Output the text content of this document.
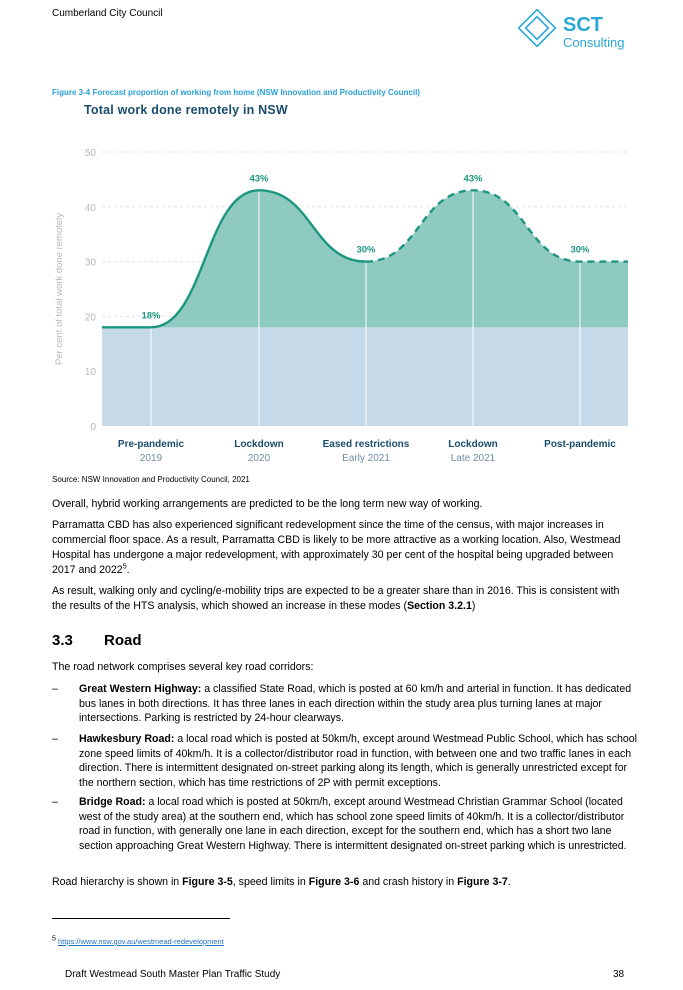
Cumberland City Council
SCT
Consulting
Figure 3-4 Forecast proportion of working from home (NSW Innovation and Productivity Council)
Total work done remotely in NSW
0
10
20
30
40
50
Per cent of total work done remotely	18%
43%
30%
43%
30%
Pre-pandemic
2019
Lockdown
2020
Eased restrictions
Early 2021
Lockdown
Late 2021
Post-pandemic
Source: NSW Innovation and Productivity Council, 2021
Overall, hybrid working arrangements are predicted to be the long term new way of working.
Parramatta CBD has also experienced significant redevelopment since the time of the census, with major increases in commercial floor space. As a result, Parramatta CBD is likely to be more attractive as a working location. Also, Westmead Hospital has undergone a major redevelopment, with approximately 30 per cent of the hospital being upgraded between 2017 and 2022$^5$.
As result, walking only and cycling/e-mobility trips are expected to be a greater share than in 2016. This is consistent with the results of the HTS analysis, which showed an increase in these modes (Section 3.2.1)
3.3 Road
The road network comprises several key road corridors:
– Great Western Highway: a classified State Road, which is posted at 60 km/h and arterial in function. It has dedicated bus lanes in both directions. It has three lanes in each direction within the study area plus turning lanes at major intersections. Parking is restricted by 24-hour clearways.
– Hawkesbury Road: a local road which is posted at 50km/h, except around Westmead Public School, which has school zone speed limits of 40km/h. It is a collector/distributor road in function, with between one and two traffic lanes in each direction. There is intermittent designated on-street parking along its length, which is generally unrestricted except for the northern section, which has time restrictions of 2P with permit exceptions.
– Bridge Road: a local road which is posted at 50km/h, except around Westmead Christian Grammar School (located west of the study area) at the southern end, which has school zone speed limits of 40km/h. It is a collector/distributor road in function, with generally one lane in each direction, except for the southern end, which has a short two lane section approaching Great Western Highway. There is intermittent designated on-street parking which is unrestricted.
Road hierarchy is shown in Figure 3-5, speed limits in Figure 3-6 and crash history in Figure 3-7.
$^5$ https://www.nsw.gov.au/westmead-redevelopment
Draft Westmead South Master Plan Traffic Study	38
